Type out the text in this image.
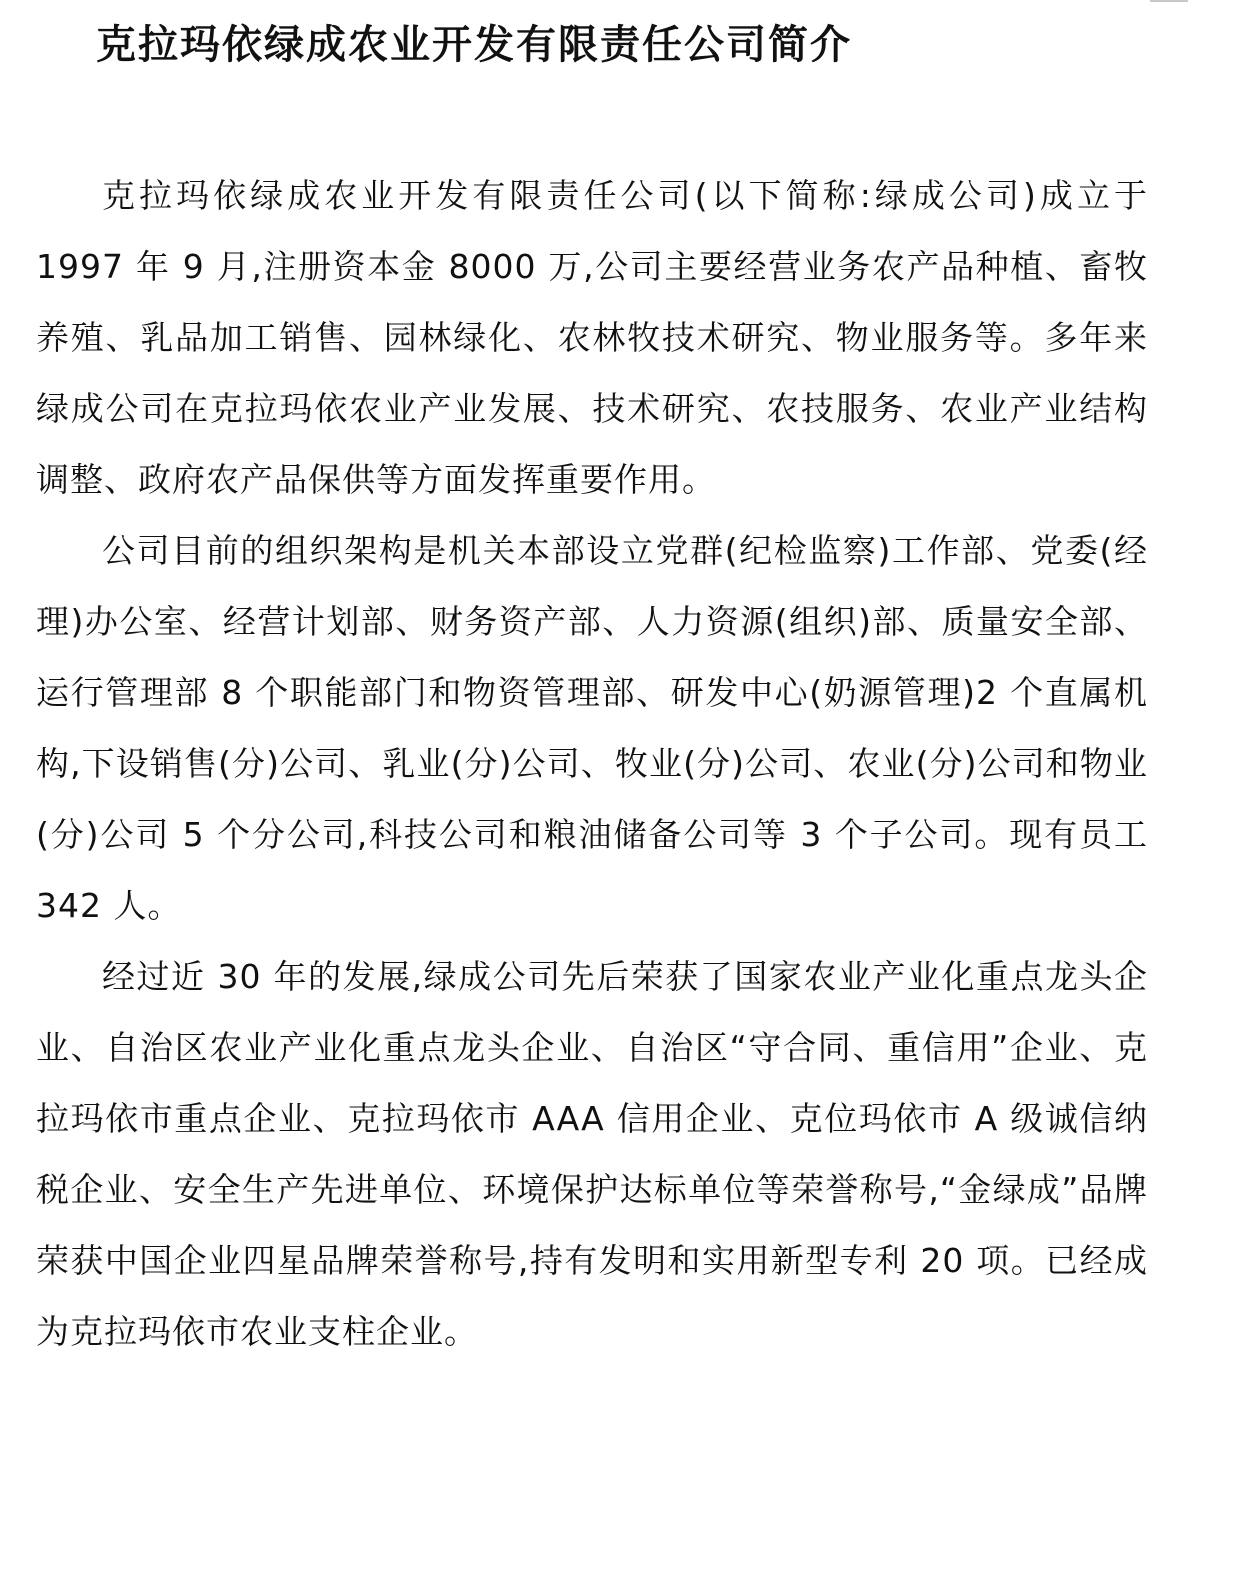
克拉玛依绿成农业开发有限责任公司简介

克拉玛依绿成农业开发有限责任公司(以下简称:绿成公司)成立于 1997 年 9 月,注册资本金 8000 万,公司主要经营业务农产品种植、畜牧养殖、乳品加工销售、园林绿化、农林牧技术研究、物业服务等。多年来绿成公司在克拉玛依农业产业发展、技术研究、农技服务、农业产业结构调整、政府农产品保供等方面发挥重要作用。

公司目前的组织架构是机关本部设立党群(纪检监察)工作部、党委(经理)办公室、经营计划部、财务资产部、人力资源(组织)部、质量安全部、运行管理部 8 个职能部门和物资管理部、研发中心(奶源管理)2 个直属机构,下设销售(分)公司、乳业(分)公司、牧业(分)公司、农业(分)公司和物业(分)公司 5 个分公司,科技公司和粮油储备公司等 3 个子公司。现有员工 342 人。

经过近 30 年的发展,绿成公司先后荣获了国家农业产业化重点龙头企业、自治区农业产业化重点龙头企业、自治区“守合同、重信用”企业、克拉玛依市重点企业、克拉玛依市 AAA 信用企业、克位玛依市 A 级诚信纳税企业、安全生产先进单位、环境保护达标单位等荣誉称号,“金绿成”品牌荣获中国企业四星品牌荣誉称号,持有发明和实用新型专利 20 项。已经成为克拉玛依市农业支柱企业。
